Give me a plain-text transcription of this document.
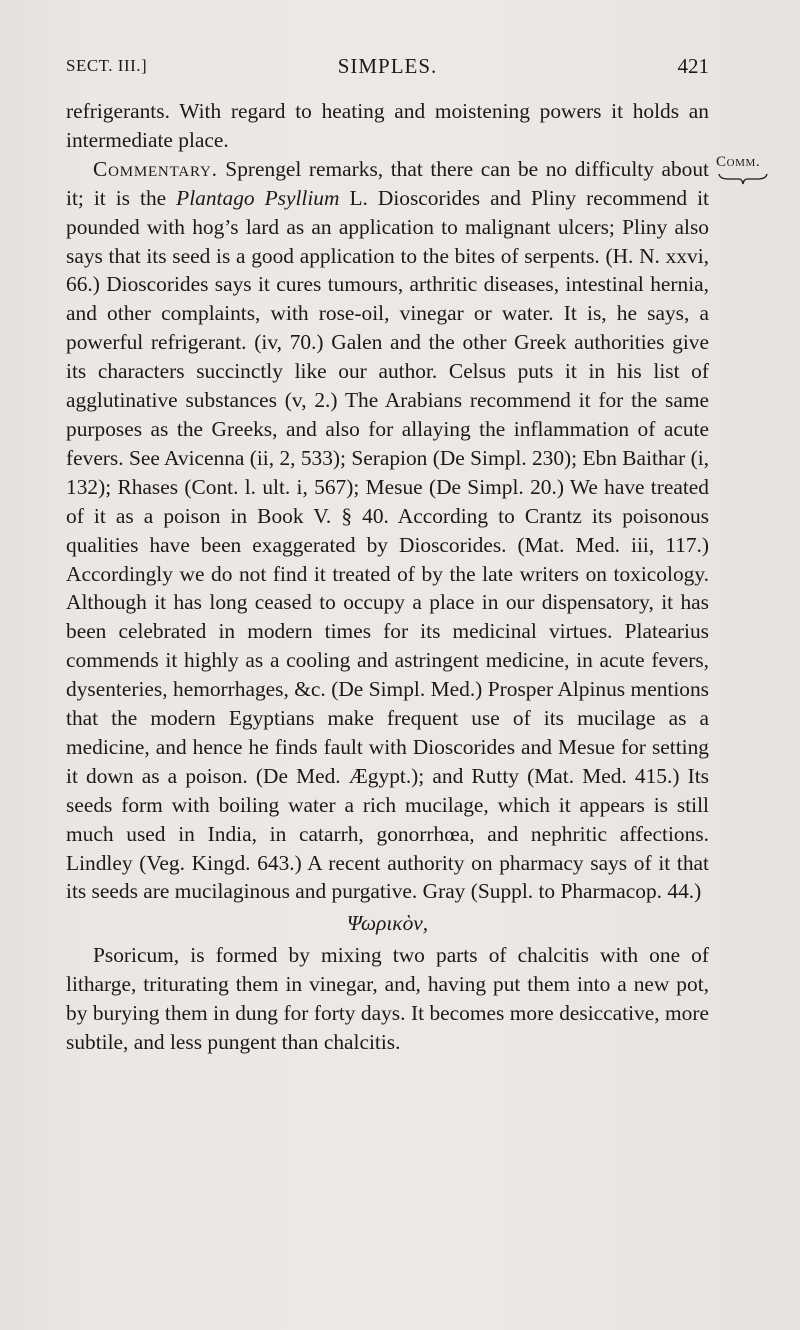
SECT. III.]	SIMPLES.	421
Comm.

refrigerants. With regard to heating and moistening powers it holds an intermediate place.

Commentary. Sprengel remarks, that there can be no difficulty about it; it is the Plantago Psyllium L. Dioscorides and Pliny recommend it pounded with hog’s lard as an application to malignant ulcers; Pliny also says that its seed is a good application to the bites of serpents. (H. N. xxvi, 66.) Dioscorides says it cures tumours, arthritic diseases, intestinal hernia, and other complaints, with rose-oil, vinegar or water. It is, he says, a powerful refrigerant. (iv, 70.) Galen and the other Greek authorities give its characters succinctly like our author. Celsus puts it in his list of agglutinative substances (v, 2.) The Arabians recommend it for the same purposes as the Greeks, and also for allaying the inflammation of acute fevers. See Avicenna (ii, 2, 533); Serapion (De Simpl. 230); Ebn Baithar (i, 132); Rhases (Cont. l. ult. i, 567); Mesue (De Simpl. 20.) We have treated of it as a poison in Book V. § 40. According to Crantz its poisonous qualities have been exaggerated by Dioscorides. (Mat. Med. iii, 117.) Accordingly we do not find it treated of by the late writers on toxicology. Although it has long ceased to occupy a place in our dispensatory, it has been celebrated in modern times for its medicinal virtues. Platearius commends it highly as a cooling and astringent medicine, in acute fevers, dysenteries, hemorrhages, &c. (De Simpl. Med.) Prosper Alpinus mentions that the modern Egyptians make frequent use of its mucilage as a medicine, and hence he finds fault with Dioscorides and Mesue for setting it down as a poison. (De Med. Ægypt.); and Rutty (Mat. Med. 415.) Its seeds form with boiling water a rich mucilage, which it appears is still much used in India, in catarrh, gonorrhœa, and nephritic affections. Lindley (Veg. Kingd. 643.) A recent authority on pharmacy says of it that its seeds are mucilaginous and purgative. Gray (Suppl. to Pharmacop. 44.)

Ψωρικὸν,

Psoricum, is formed by mixing two parts of chalcitis with one of litharge, triturating them in vinegar, and, having put them into a new pot, by burying them in dung for forty days. It becomes more desiccative, more subtile, and less pungent than chalcitis.
